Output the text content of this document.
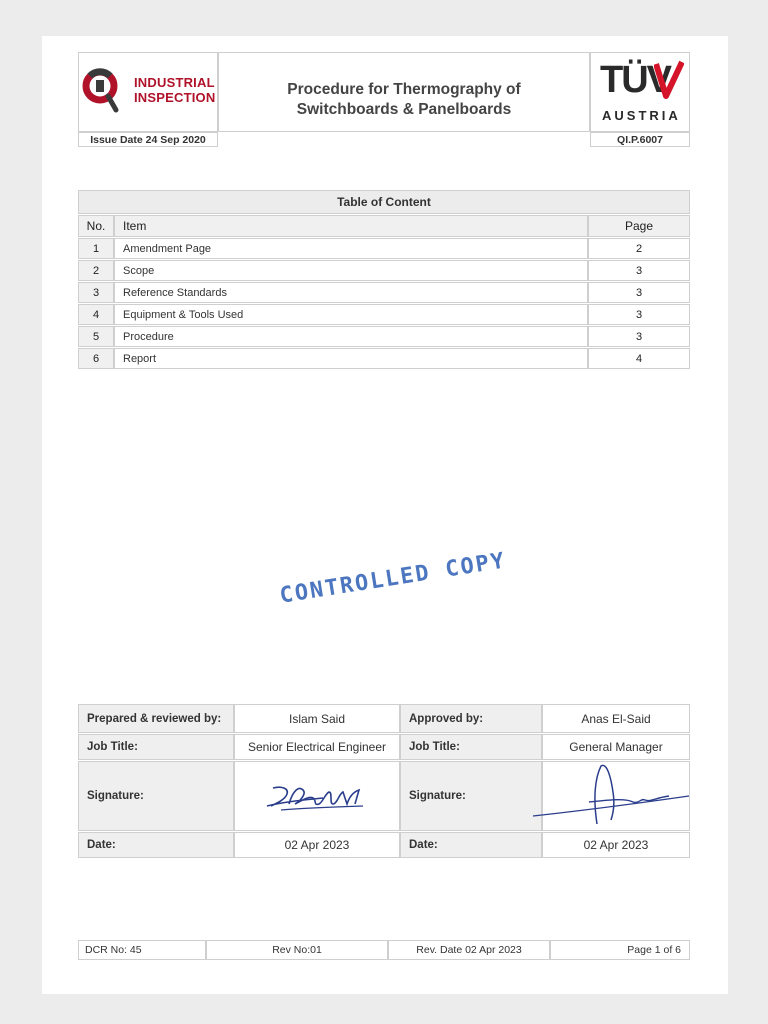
INDUSTRIAL
INSPECTION	Procedure for Thermography of
Switchboards & Panelboards
TÜV
AUSTRIA
Issue Date 24 Sep 2020	QI.P.6007
Table of Content
No.	Item	Page
1	Amendment Page	2
2	Scope	3
3	Reference Standards	3
4	Equipment & Tools Used	3
5	Procedure	3
6	Report	4
CONTROLLED COPY
Prepared & reviewed by:	Islam Said	Approved by:	Anas El-Said
Job Title:	Senior Electrical Engineer	Job Title:	General Manager
Signature:	Signature:
Date:	02 Apr 2023	Date:	02 Apr 2023
DCR No: 45	Rev No:01	Rev. Date 02 Apr 2023	Page 1 of 6
